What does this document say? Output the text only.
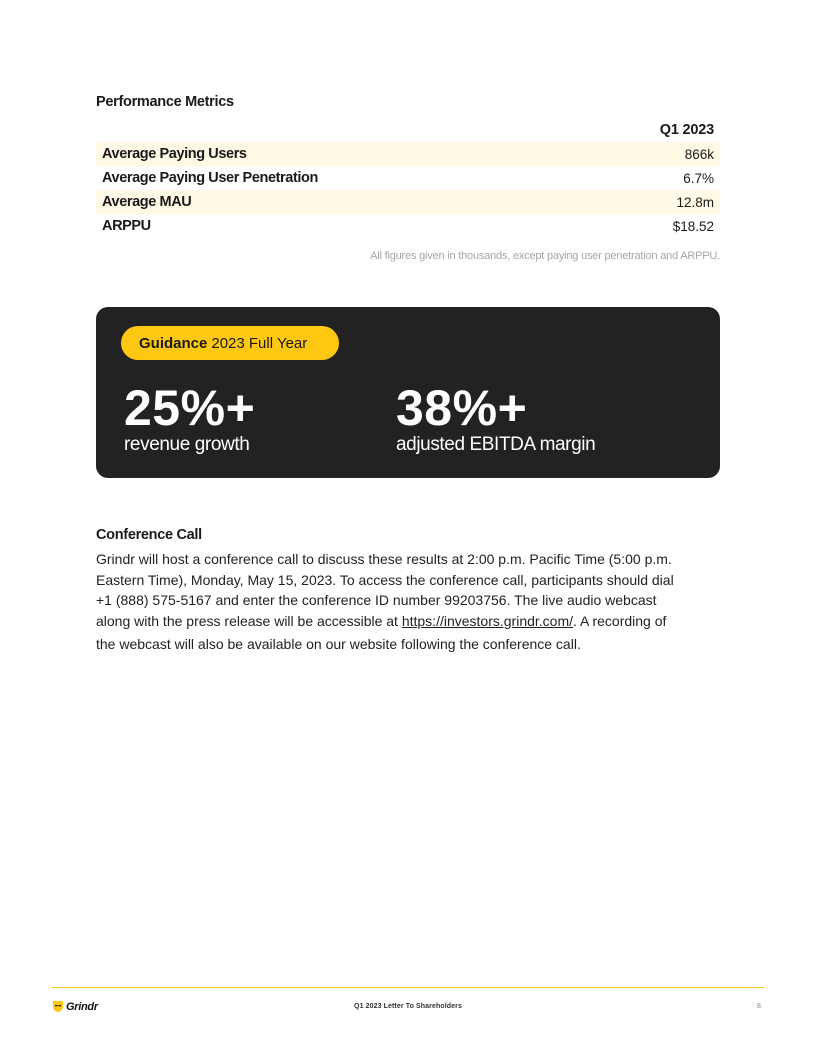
Performance Metrics
Q1 2023
Average Paying Users	866k
Average Paying User Penetration	6.7%
Average MAU	12.8m
ARPPU	$18.52
All figures given in thousands, except paying user penetration and ARPPU.
Guidance 2023 Full Year
25%+
revenue growth
38%+
adjusted EBITDA margin
Conference Call
Grindr will host a conference call to discuss these results at 2:00 p.m. Pacific Time (5:00 p.m.
Eastern Time), Monday, May 15, 2023. To access the conference call, participants should dial
+1 (888) 575-5167 and enter the conference ID number 99203756. The live audio webcast
along with the press release will be accessible at https://investors.grindr.com/. A recording of
the webcast will also be available on our website following the conference call.
Grindr	Q1 2023 Letter To Shareholders	8
